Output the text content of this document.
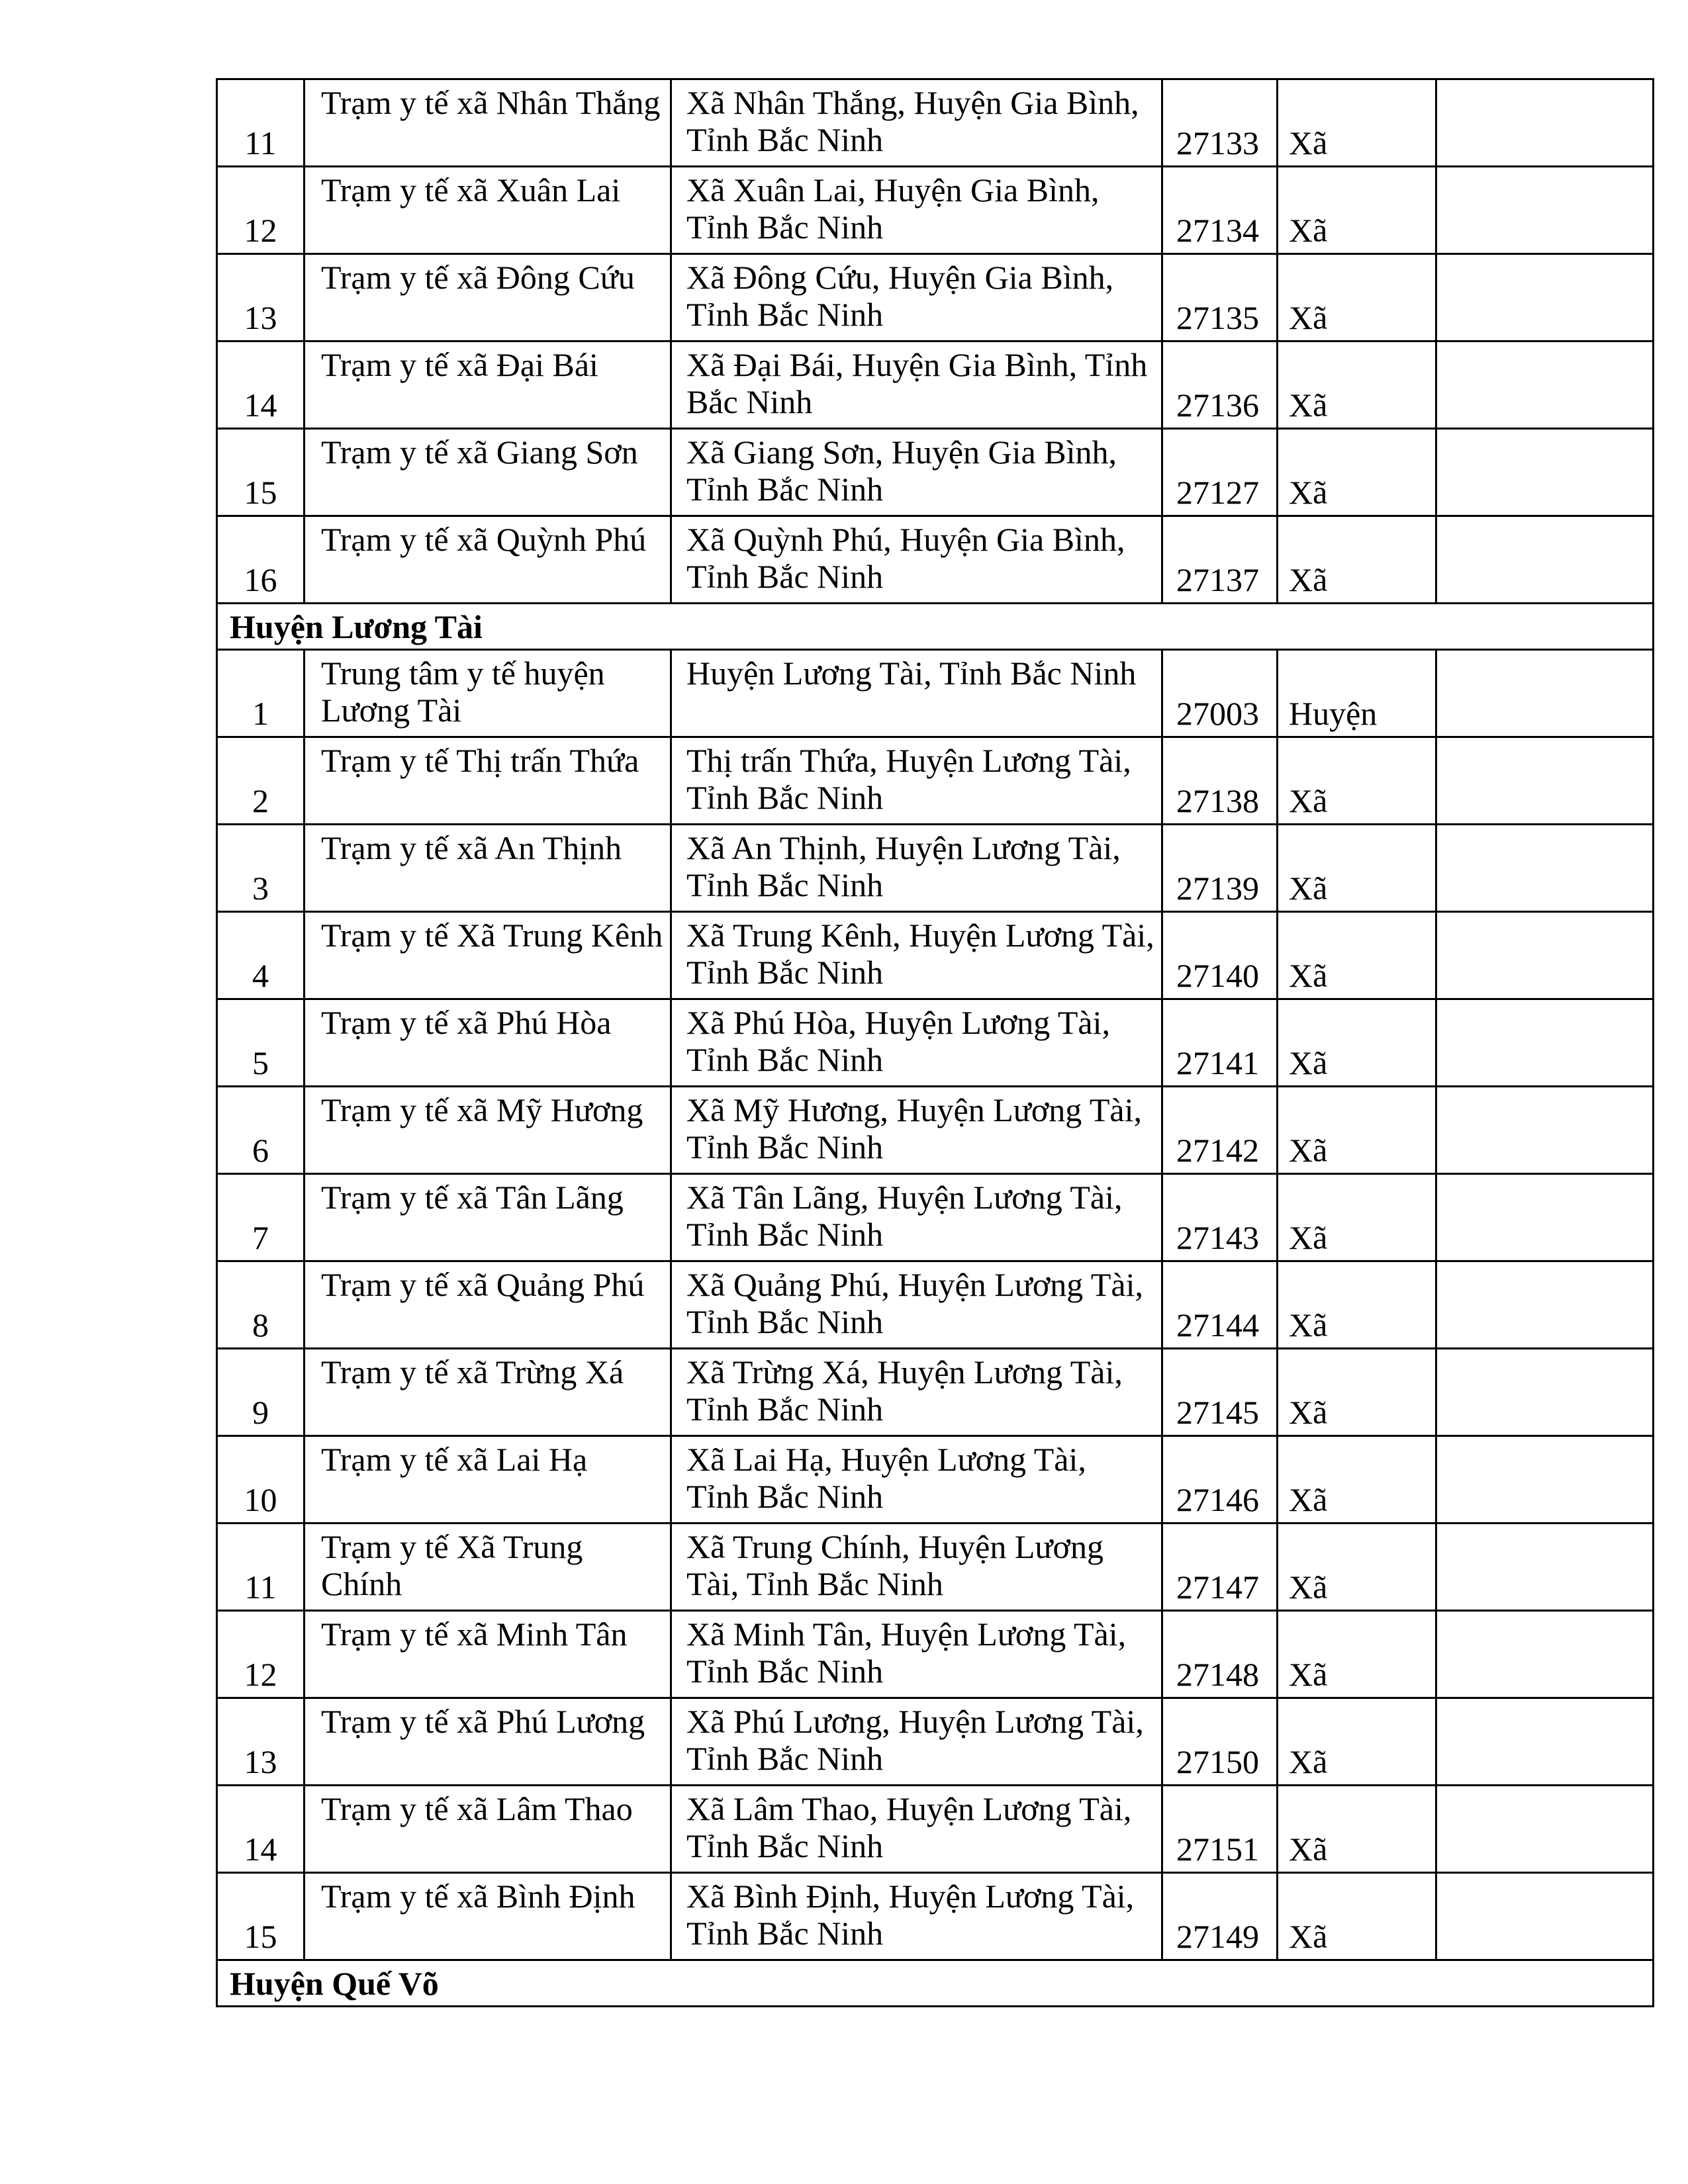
11	Trạm y tế xã Nhân Thắng	Xã Nhân Thắng, Huyện Gia Bình, Tỉnh Bắc Ninh	27133	Xã	
12	Trạm y tế xã Xuân Lai	Xã Xuân Lai, Huyện Gia Bình, Tỉnh Bắc Ninh	27134	Xã	
13	Trạm y tế xã Đông Cứu	Xã Đông Cứu, Huyện Gia Bình, Tỉnh Bắc Ninh	27135	Xã	
14	Trạm y tế xã Đại Bái	Xã Đại Bái, Huyện Gia Bình, Tỉnh Bắc Ninh	27136	Xã	
15	Trạm y tế xã Giang Sơn	Xã Giang Sơn, Huyện Gia Bình, Tỉnh Bắc Ninh	27127	Xã	
16	Trạm y tế xã Quỳnh Phú	Xã Quỳnh Phú, Huyện Gia Bình, Tỉnh Bắc Ninh	27137	Xã	
Huyện Lương Tài					
1	Trung tâm y tế huyện Lương Tài	Huyện Lương Tài, Tỉnh Bắc Ninh	27003	Huyện	
2	Trạm y tế Thị trấn Thứa	Thị trấn Thứa, Huyện Lương Tài, Tỉnh Bắc Ninh	27138	Xã	
3	Trạm y tế xã An Thịnh	Xã An Thịnh, Huyện Lương Tài, Tỉnh Bắc Ninh	27139	Xã	
4	Trạm y tế Xã Trung Kênh	Xã Trung Kênh, Huyện Lương Tài, Tỉnh Bắc Ninh	27140	Xã	
5	Trạm y tế xã Phú Hòa	Xã Phú Hòa, Huyện Lương Tài, Tỉnh Bắc Ninh	27141	Xã	
6	Trạm y tế xã Mỹ Hương	Xã Mỹ Hương, Huyện Lương Tài, Tỉnh Bắc Ninh	27142	Xã	
7	Trạm y tế xã Tân Lãng	Xã Tân Lãng, Huyện Lương Tài, Tỉnh Bắc Ninh	27143	Xã	
8	Trạm y tế xã Quảng Phú	Xã Quảng Phú, Huyện Lương Tài, Tỉnh Bắc Ninh	27144	Xã	
9	Trạm y tế xã Trừng Xá	Xã Trừng Xá, Huyện Lương Tài, Tỉnh Bắc Ninh	27145	Xã	
10	Trạm y tế xã Lai Hạ	Xã Lai Hạ, Huyện Lương Tài, Tỉnh Bắc Ninh	27146	Xã	
11	Trạm y tế Xã Trung Chính	Xã Trung Chính, Huyện Lương Tài, Tỉnh Bắc Ninh	27147	Xã	
12	Trạm y tế xã Minh Tân	Xã Minh Tân, Huyện Lương Tài, Tỉnh Bắc Ninh	27148	Xã	
13	Trạm y tế xã Phú Lương	Xã Phú Lương, Huyện Lương Tài, Tỉnh Bắc Ninh	27150	Xã	
14	Trạm y tế xã Lâm Thao	Xã Lâm Thao, Huyện Lương Tài, Tỉnh Bắc Ninh	27151	Xã	
15	Trạm y tế xã Bình Định	Xã Bình Định, Huyện Lương Tài, Tỉnh Bắc Ninh	27149	Xã	
Huyện Quế Võ					
